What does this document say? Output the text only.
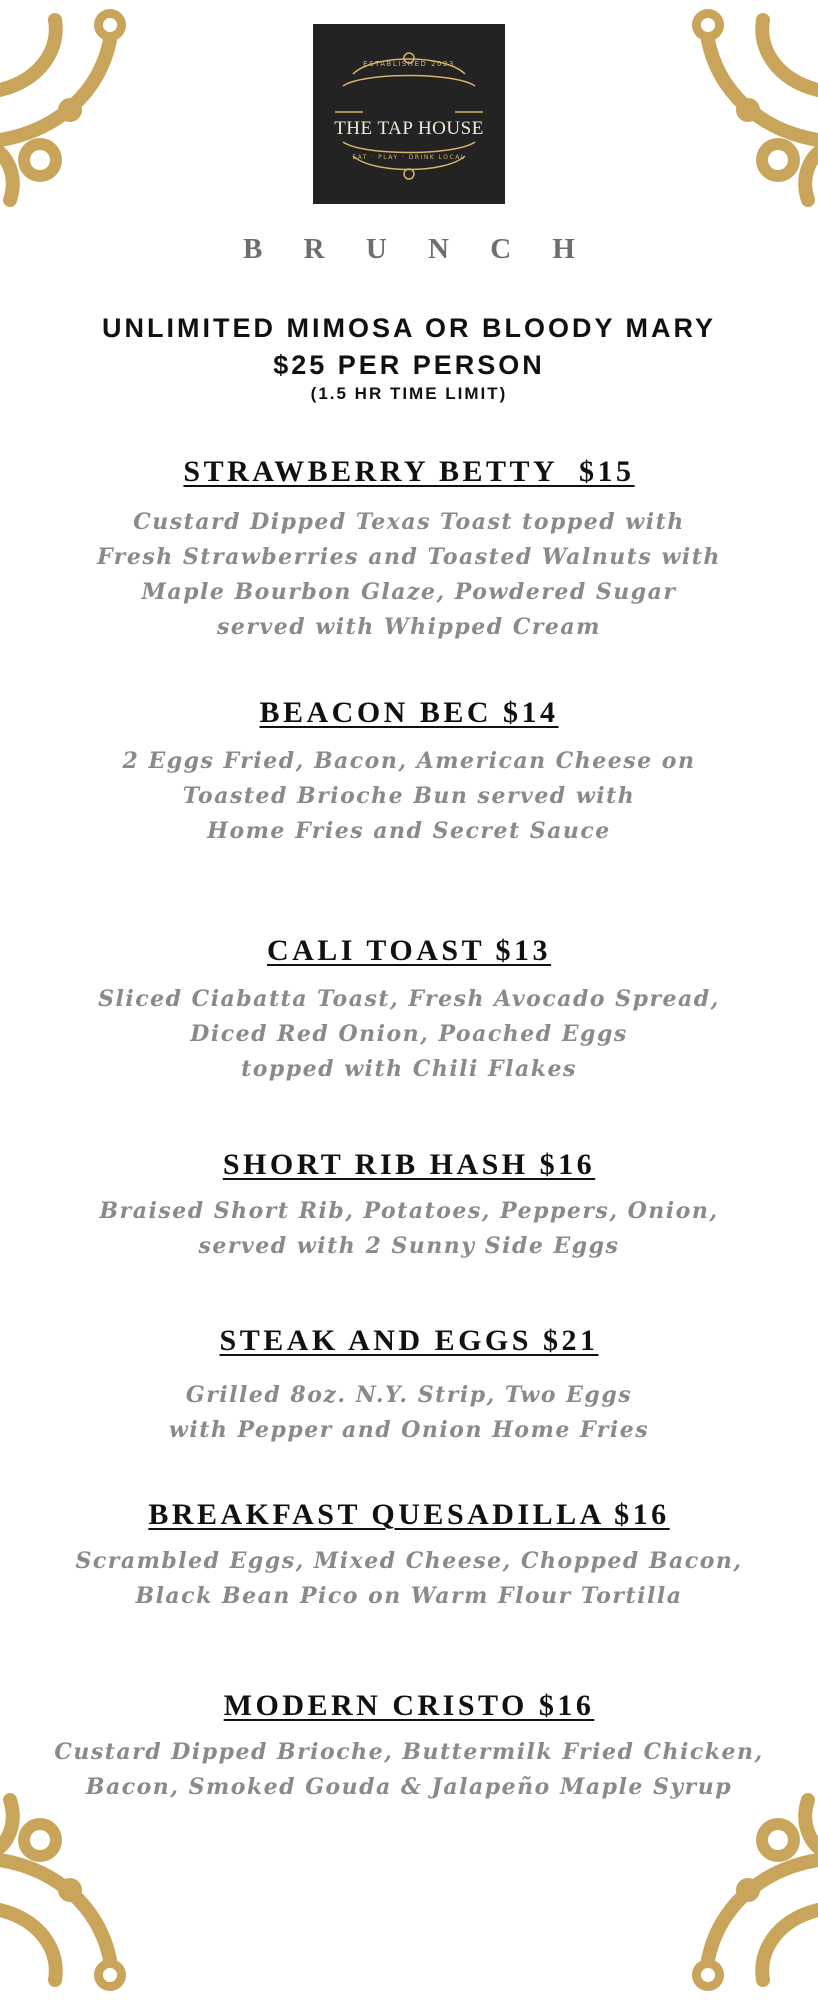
ESTABLISHED 2023
THE TAP HOUSE
EAT · PLAY · DRINK LOCAL
B R U N C H
UNLIMITED MIMOSA OR BLOODY MARY
$25 PER PERSON
(1.5 HR TIME LIMIT)
STRAWBERRY BETTY  $15
Custard Dipped Texas Toast topped with
Fresh Strawberries and Toasted Walnuts with
Maple Bourbon Glaze, Powdered Sugar
served with Whipped Cream
BEACON BEC $14
2 Eggs Fried, Bacon, American Cheese on
Toasted Brioche Bun served with
Home Fries and Secret Sauce
CALI TOAST $13
Sliced Ciabatta Toast, Fresh Avocado Spread,
Diced Red Onion, Poached Eggs
topped with Chili Flakes
SHORT RIB HASH $16
Braised Short Rib, Potatoes, Peppers, Onion,
served with 2 Sunny Side Eggs
STEAK AND EGGS $21
Grilled 8oz. N.Y. Strip, Two Eggs
with Pepper and Onion Home Fries
BREAKFAST QUESADILLA $16
Scrambled Eggs, Mixed Cheese, Chopped Bacon,
Black Bean Pico on Warm Flour Tortilla
MODERN CRISTO $16
Custard Dipped Brioche, Buttermilk Fried Chicken,
Bacon, Smoked Gouda & Jalapeño Maple Syrup
